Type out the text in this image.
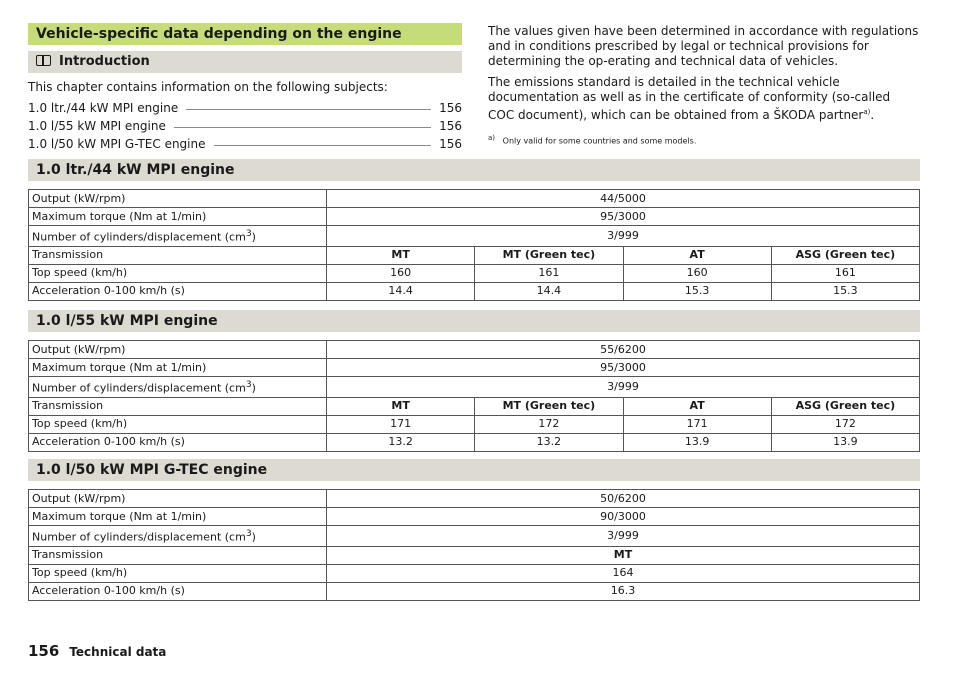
Vehicle-specific data depending on the engine
Introduction

This chapter contains information on the following subjects:

1.0 ltr./44 kW MPI engine	156
1.0 l/55 kW MPI engine	156
1.0 l/50 kW MPI G-TEC engine	156

The values given have been determined in accordance with regulations and in conditions prescribed by legal or technical provisions for determining the op-erating and technical data of vehicles.

The emissions standard is detailed in the technical vehicle documentation as well as in the certificate of conformity (so-called COC document), which can be obtained from a ŠKODA partner$^{a)}$.

$^{a)}$ Only valid for some countries and some models.
1.0 ltr./44 kW MPI engine
Output (kW/rpm)	44/5000			
Maximum torque (Nm at 1/min)	95/3000			
Number of cylinders/displacement $(cm^3)$	3/999			
Transmission	MT	MT (Green tec)	AT	ASG (Green tec)
Top speed (km/h)	160	161	160	161
Acceleration 0-100 km/h (s)	14.4	14.4	15.3	15.3
1.0 l/55 kW MPI engine
Output (kW/rpm)	55/6200			
Maximum torque (Nm at 1/min)	95/3000			
Number of cylinders/displacement $(cm^3)$	3/999			
Transmission	MT	MT (Green tec)	AT	ASG (Green tec)
Top speed (km/h)	171	172	171	172
Acceleration 0-100 km/h (s)	13.2	13.2	13.9	13.9
1.0 l/50 kW MPI G-TEC engine
Output (kW/rpm)	50/6200
Maximum torque (Nm at 1/min)	90/3000
Number of cylinders/displacement $(cm^3)$	3/999
Transmission	MT
Top speed (km/h)	164
Acceleration 0-100 km/h (s)	16.3
156 Technical data
